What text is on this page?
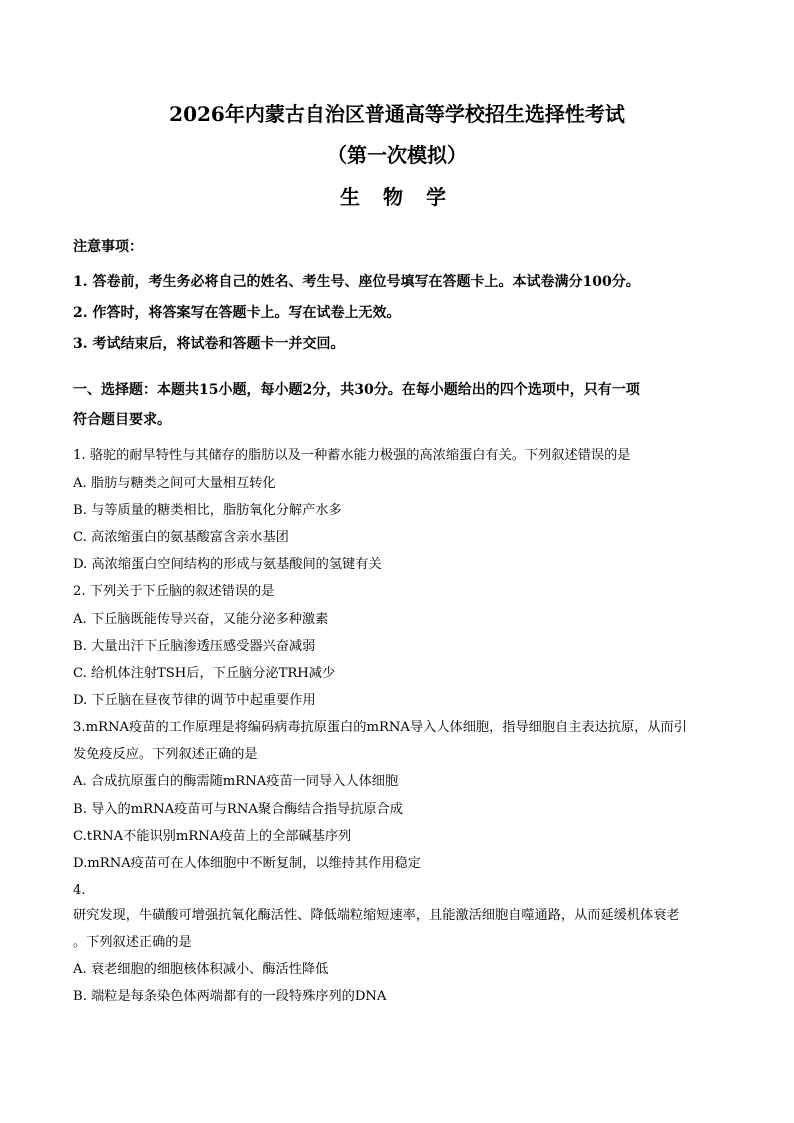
2026年内蒙古自治区普通高等学校招生选择性考试
（第一次模拟）
生 物 学
注意事项：
1. 答卷前，考生务必将自己的姓名、考生号、座位号填写在答题卡上。本试卷满分100分。
2. 作答时，将答案写在答题卡上。写在试卷上无效。
3. 考试结束后，将试卷和答题卡一并交回。
一、选择题：本题共15小题，每小题2分，共30分。在每小题给出的四个选项中，只有一项
符合题目要求。
1. 骆驼的耐旱特性与其储存的脂肪以及一种蓄水能力极强的高浓缩蛋白有关。下列叙述错误的是
A. 脂肪与糖类之间可大量相互转化
B. 与等质量的糖类相比，脂肪氧化分解产水多
C. 高浓缩蛋白的氨基酸富含亲水基团
D. 高浓缩蛋白空间结构的形成与氨基酸间的氢键有关
2. 下列关于下丘脑的叙述错误的是
A. 下丘脑既能传导兴奋，又能分泌多种激素
B. 大量出汗下丘脑渗透压感受器兴奋减弱
C. 给机体注射TSH后，下丘脑分泌TRH减少
D. 下丘脑在昼夜节律的调节中起重要作用
3.mRNA疫苗的工作原理是将编码病毒抗原蛋白的mRNA导入人体细胞，指导细胞自主表达抗原，从而引
发免疫反应。下列叙述正确的是
A. 合成抗原蛋白的酶需随mRNA疫苗一同导入人体细胞
B. 导入的mRNA疫苗可与RNA聚合酶结合指导抗原合成
C.tRNA不能识别mRNA疫苗上的全部碱基序列
D.mRNA疫苗可在人体细胞中不断复制，以维持其作用稳定
4.
研究发现，牛磺酸可增强抗氧化酶活性、降低端粒缩短速率，且能激活细胞自噬通路，从而延缓机体衰老
。下列叙述正确的是
A. 衰老细胞的细胞核体积减小、酶活性降低
B. 端粒是每条染色体两端都有的一段特殊序列的DNA
